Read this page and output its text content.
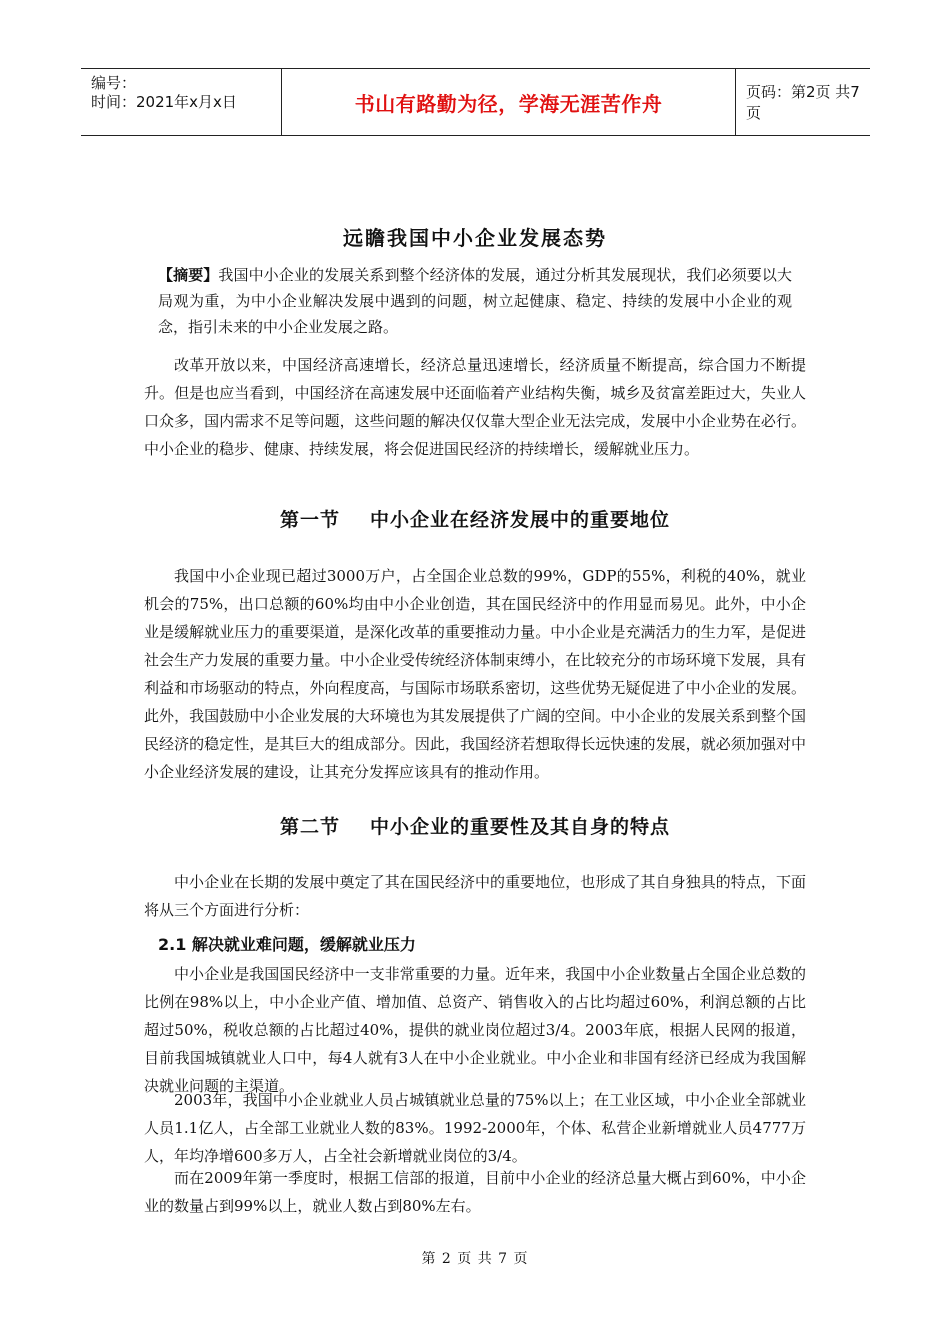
编号：
时间：2021年x月x日	书山有路勤为径，学海无涯苦作舟	页码：第2页 共7页
远瞻我国中小企业发展态势
【摘要】我国中小企业的发展关系到整个经济体的发展，通过分析其发展现状，我们必须要以大局观为重，为中小企业解决发展中遇到的问题，树立起健康、稳定、持续的发展中小企业的观念，指引未来的中小企业发展之路。

改革开放以来，中国经济高速增长，经济总量迅速增长，经济质量不断提高，综合国力不断提升。但是也应当看到，中国经济在高速发展中还面临着产业结构失衡，城乡及贫富差距过大，失业人口众多，国内需求不足等问题，这些问题的解决仅仅靠大型企业无法完成，发展中小企业势在必行。中小企业的稳步、健康、持续发展，将会促进国民经济的持续增长，缓解就业压力。

第一节 中小企业在经济发展中的重要地位

我国中小企业现已超过3000万户，占全国企业总数的99%，GDP的55%，利税的40%，就业机会的75%，出口总额的60%均由中小企业创造，其在国民经济中的作用显而易见。此外，中小企业是缓解就业压力的重要渠道，是深化改革的重要推动力量。中小企业是充满活力的生力军，是促进社会生产力发展的重要力量。中小企业受传统经济体制束缚小，在比较充分的市场环境下发展，具有利益和市场驱动的特点，外向程度高，与国际市场联系密切，这些优势无疑促进了中小企业的发展。此外，我国鼓励中小企业发展的大环境也为其发展提供了广阔的空间。中小企业的发展关系到整个国民经济的稳定性，是其巨大的组成部分。因此，我国经济若想取得长远快速的发展，就必须加强对中小企业经济发展的建设，让其充分发挥应该具有的推动作用。

第二节 中小企业的重要性及其自身的特点

中小企业在长期的发展中奠定了其在国民经济中的重要地位，也形成了其自身独具的特点，下面将从三个方面进行分析：

2.1 解决就业难问题，缓解就业压力

中小企业是我国国民经济中一支非常重要的力量。近年来，我国中小企业数量占全国企业总数的比例在98%以上，中小企业产值、增加值、总资产、销售收入的占比均超过60%，利润总额的占比超过50%，税收总额的占比超过40%，提供的就业岗位超过3/4。2003年底，根据人民网的报道，目前我国城镇就业人口中，每4人就有3人在中小企业就业。中小企业和非国有经济已经成为我国解决就业问题的主渠道。

2003年，我国中小企业就业人员占城镇就业总量的75%以上；在工业区域，中小企业全部就业人员1.1亿人，占全部工业就业人数的83%。1992-2000年，个体、私营企业新增就业人员4777万人，年均净增600多万人，占全社会新增就业岗位的3/4。

而在2009年第一季度时，根据工信部的报道，目前中小企业的经济总量大概占到60%，中小企业的数量占到99%以上，就业人数占到80%左右。

第 2 页 共 7 页
